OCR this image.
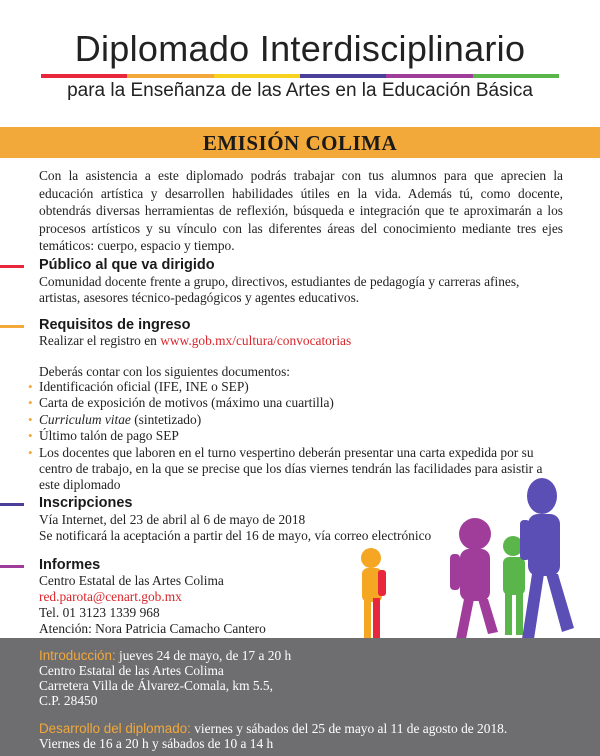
Diplomado Interdisciplinario
para la Enseñanza de las Artes en la Educación Básica
EMISIÓN COLIMA
Con la asistencia a este diplomado podrás trabajar con tus alumnos para que aprecien la educación artística y desarrollen habilidades útiles en la vida. Además tú, como docente, obtendrás diversas herramientas de reflexión, búsqueda e integración que te aproximarán a los procesos artísticos y su vínculo con las diferentes áreas del conocimiento mediante tres ejes temáticos: cuerpo, espacio y tiempo.
Público al que va dirigido
Comunidad docente frente a grupo, directivos, estudiantes de pedagogía y carreras afines, artistas, asesores técnico-pedagógicos y agentes educativos.
Requisitos de ingreso
Realizar el registro en www.gob.mx/cultura/convocatorias
Deberás contar con los siguientes documentos:
• Identificación oficial (IFE, INE o SEP)
• Carta de exposición de motivos (máximo una cuartilla)
• Curriculum vitae (sintetizado)
• Último talón de pago SEP
• Los docentes que laboren en el turno vespertino deberán presentar una carta expedida por su centro de trabajo, en la que se precise que los días viernes tendrán las facilidades para asistir a este diplomado
Inscripciones
Vía Internet, del 23 de abril al 6 de mayo de 2018
Se notificará la aceptación a partir del 16 de mayo, vía correo electrónico
Informes
Centro Estatal de las Artes Colima
red.parota@cenart.gob.mx
Tel. 01 3123 1339 968
Atención: Nora Patricia Camacho Cantero
Introducción: jueves 24 de mayo, de 17 a 20 h
Centro Estatal de las Artes Colima
Carretera Villa de Álvarez-Comala, km 5.5,
C.P. 28450
Desarrollo del diplomado: viernes y sábados del 25 de mayo al 11 de agosto de 2018.
Viernes de 16 a 20 h y sábados de 10 a 14 h
